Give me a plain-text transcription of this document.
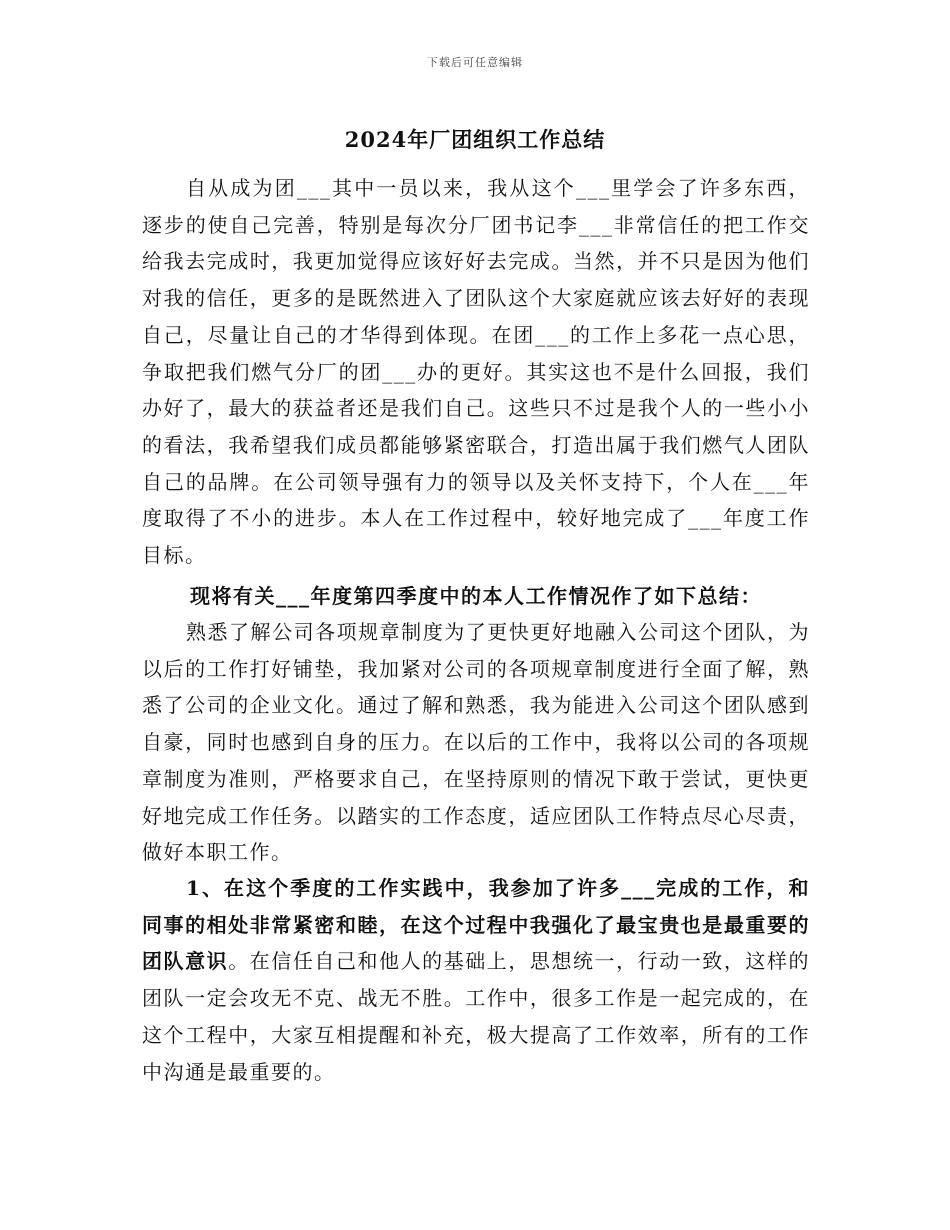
下载后可任意编辑
2024年厂团组织工作总结

自从成为团___其中一员以来，我从这个___里学会了许多东西，逐步的使自己完善，特别是每次分厂团书记李___非常信任的把工作交给我去完成时，我更加觉得应该好好去完成。当然，并不只是因为他们对我的信任，更多的是既然进入了团队这个大家庭就应该去好好的表现自己，尽量让自己的才华得到体现。在团___的工作上多花一点心思，争取把我们燃气分厂的团___办的更好。其实这也不是什么回报，我们办好了，最大的获益者还是我们自己。这些只不过是我个人的一些小小的看法，我希望我们成员都能够紧密联合，打造出属于我们燃气人团队自己的品牌。在公司领导强有力的领导以及关怀支持下，个人在___年度取得了不小的进步。本人在工作过程中，较好地完成了___年度工作目标。

现将有关___年度第四季度中的本人工作情况作了如下总结：

熟悉了解公司各项规章制度为了更快更好地融入公司这个团队，为以后的工作打好铺垫，我加紧对公司的各项规章制度进行全面了解，熟悉了公司的企业文化。通过了解和熟悉，我为能进入公司这个团队感到自豪，同时也感到自身的压力。在以后的工作中，我将以公司的各项规章制度为准则，严格要求自己，在坚持原则的情况下敢于尝试，更快更好地完成工作任务。以踏实的工作态度，适应团队工作特点尽心尽责，做好本职工作。

1、在这个季度的工作实践中，我参加了许多___完成的工作，和同事的相处非常紧密和睦，在这个过程中我强化了最宝贵也是最重要的团队意识。在信任自己和他人的基础上，思想统一，行动一致，这样的团队一定会攻无不克、战无不胜。工作中，很多工作是一起完成的，在这个工程中，大家互相提醒和补充，极大提高了工作效率，所有的工作中沟通是最重要的。
